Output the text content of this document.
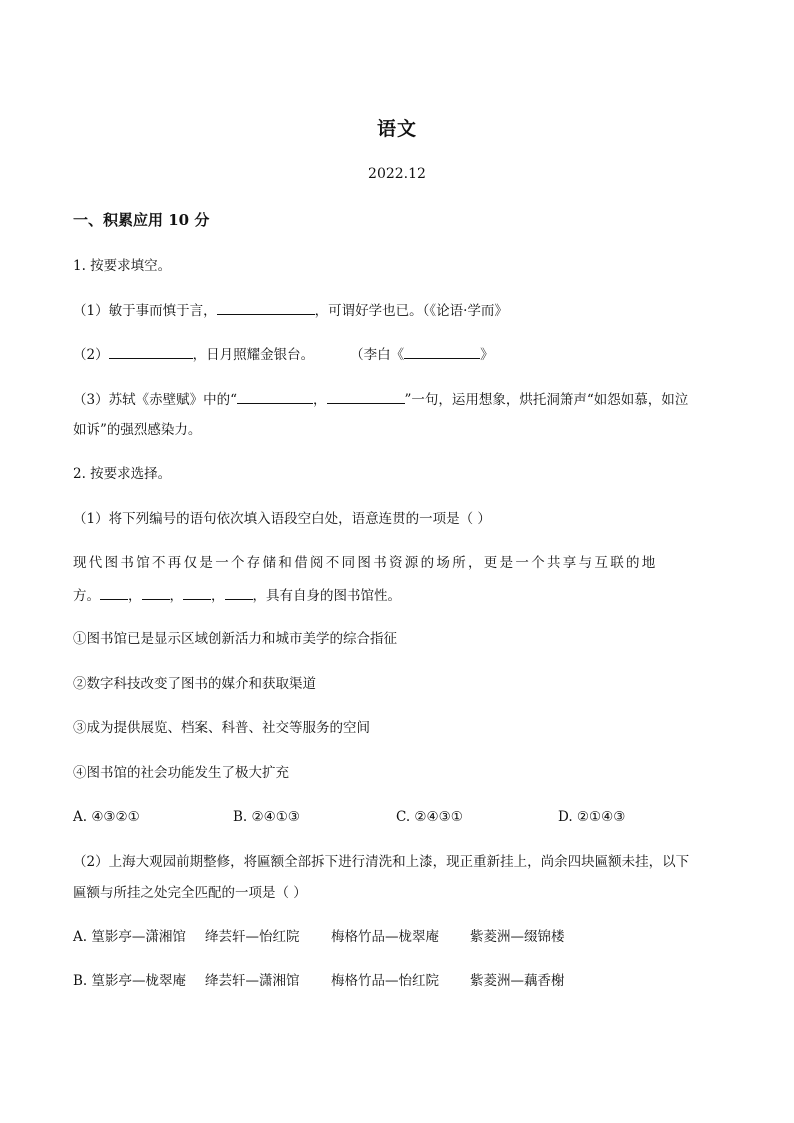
语文
2022.12
一、积累应用 10 分
1. 按要求填空。
（1）敏于事而慎于言，	，可谓好学也已。（《论语·学而》
（2）	，日月照耀金银台。	（李白《	》
（3）苏轼《赤壁赋》中的“	，	”一句，运用想象，烘托洞箫声“如怨如慕，如泣
如诉”的强烈感染力。
2. 按要求选择。
（1）将下列编号的语句依次填入语段空白处，语意连贯的一项是（ ）
现代图书馆不再仅是一个存储和借阅不同图书资源的场所，更是一个共享与互联的地
方。 ， ， ， ，具有自身的图书馆性。
①图书馆已是显示区域创新活力和城市美学的综合指征
②数字科技改变了图书的媒介和获取渠道
③成为提供展览、档案、科普、社交等服务的空间
④图书馆的社会功能发生了极大扩充
A. ④③②①	B. ②④①③	C. ②④③①	D. ②①④③
（2）上海大观园前期整修，将匾额全部拆下进行清洗和上漆，现正重新挂上，尚余四块匾额未挂，以下
匾额与所挂之处完全匹配的一项是（ ）
A. 篁影亭—潇湘馆 绛芸轩—怡红院 梅格竹品—栊翠庵 紫菱洲—缀锦楼
B. 篁影亭—栊翠庵 绛芸轩—潇湘馆 梅格竹品—怡红院 紫菱洲—藕香榭
